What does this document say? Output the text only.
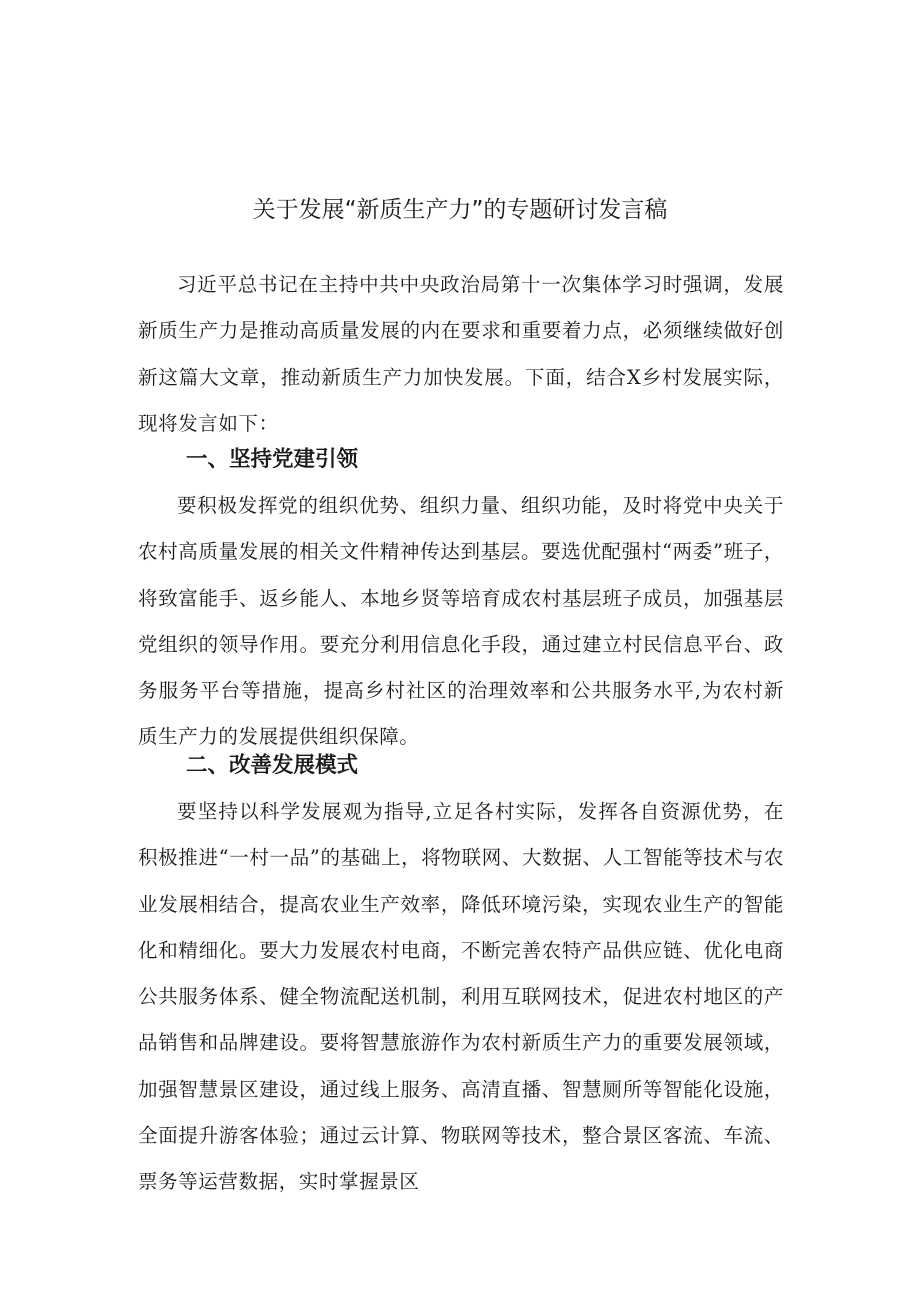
关于发展“新质生产力”的专题研讨发言稿

习近平总书记在主持中共中央政治局第十一次集体学习时强调，发展新质生产力是推动高质量发展的内在要求和重要着力点，必须继续做好创新这篇大文章，推动新质生产力加快发展。下面，结合X乡村发展实际，现将发言如下：

一、坚持党建引领

要积极发挥党的组织优势、组织力量、组织功能，及时将党中央关于农村高质量发展的相关文件精神传达到基层。要选优配强村“两委”班子，将致富能手、返乡能人、本地乡贤等培育成农村基层班子成员，加强基层党组织的领导作用。要充分利用信息化手段，通过建立村民信息平台、政务服务平台等措施，提高乡村社区的治理效率和公共服务水平,为农村新质生产力的发展提供组织保障。

二、改善发展模式

要坚持以科学发展观为指导,立足各村实际，发挥各自资源优势，在积极推进“一村一品”的基础上，将物联网、大数据、人工智能等技术与农业发展相结合，提高农业生产效率，降低环境污染，实现农业生产的智能化和精细化。要大力发展农村电商，不断完善农特产品供应链、优化电商公共服务体系、健全物流配送机制，利用互联网技术，促进农村地区的产品销售和品牌建设。要将智慧旅游作为农村新质生产力的重要发展领域，加强智慧景区建设，通过线上服务、高清直播、智慧厕所等智能化设施，全面提升游客体验；通过云计算、物联网等技术，整合景区客流、车流、票务等运营数据，实时掌握景区
